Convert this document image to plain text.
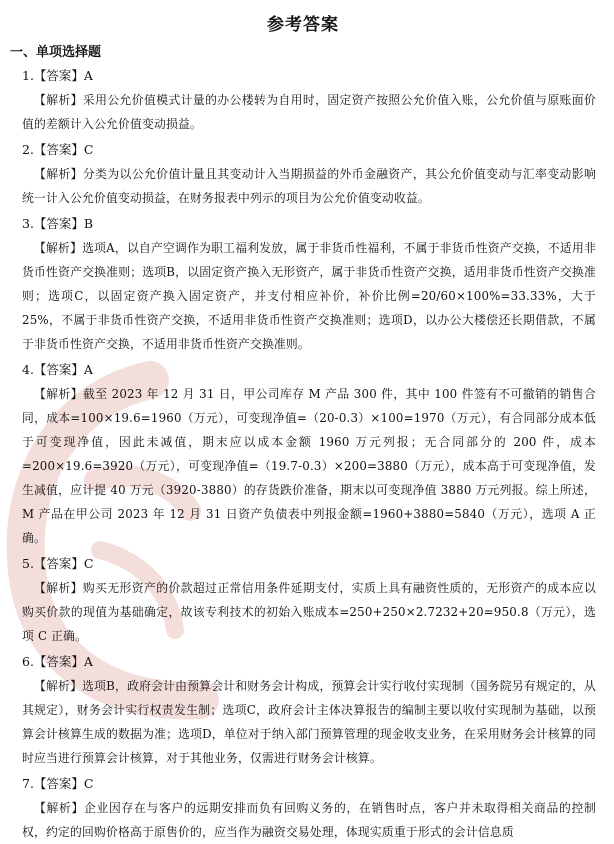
参考答案
一、单项选择题
1.【答案】A
【解析】采用公允价值模式计量的办公楼转为自用时，固定资产按照公允价值入账，公允价值与原账面价值的差额计入公允价值变动损益。
2.【答案】C
【解析】分类为以公允价值计量且其变动计入当期损益的外币金融资产，其公允价值变动与汇率变动影响统一计入公允价值变动损益，在财务报表中列示的项目为公允价值变动收益。
3.【答案】B
【解析】选项A，以自产空调作为职工福利发放，属于非货币性福利，不属于非货币性资产交换，不适用非货币性资产交换准则；选项B，以固定资产换入无形资产，属于非货币性资产交换，适用非货币性资产交换准则；选项C，以固定资产换入固定资产，并支付相应补价，补价比例=20/60×100%=33.33%，大于25%，不属于非货币性资产交换，不适用非货币性资产交换准则；选项D，以办公大楼偿还长期借款，不属于非货币性资产交换，不适用非货币性资产交换准则。
4.【答案】A
【解析】截至 2023 年 12 月 31 日，甲公司库存 M 产品 300 件，其中 100 件签有不可撤销的销售合同，成本=100×19.6=1960（万元），可变现净值=（20-0.3）×100=1970（万元），有合同部分成本低于可变现净值，因此未减值，期末应以成本金额 1960 万元列报；无合同部分的 200 件，成本=200×19.6=3920（万元），可变现净值=（19.7-0.3）×200=3880（万元），成本高于可变现净值，发生减值，应计提 40 万元（3920-3880）的存货跌价准备，期末以可变现净值 3880 万元列报。综上所述，M 产品在甲公司 2023 年 12 月 31 日资产负债表中列报金额=1960+3880=5840（万元），选项 A 正确。
5.【答案】C
【解析】购买无形资产的价款超过正常信用条件延期支付，实质上具有融资性质的，无形资产的成本应以购买价款的现值为基础确定，故该专利技术的初始入账成本=250+250×2.7232+20=950.8（万元），选项 C 正确。
6.【答案】A
【解析】选项B，政府会计由预算会计和财务会计构成，预算会计实行收付实现制（国务院另有规定的，从其规定），财务会计实行权责发生制；选项C，政府会计主体决算报告的编制主要以收付实现制为基础，以预算会计核算生成的数据为准；选项D，单位对于纳入部门预算管理的现金收支业务，在采用财务会计核算的同时应当进行预算会计核算，对于其他业务，仅需进行财务会计核算。
7.【答案】C
【解析】企业因存在与客户的远期安排而负有回购义务的，在销售时点，客户并未取得相关商品的控制权，约定的回购价格高于原售价的，应当作为融资交易处理，体现实质重于形式的会计信息质
